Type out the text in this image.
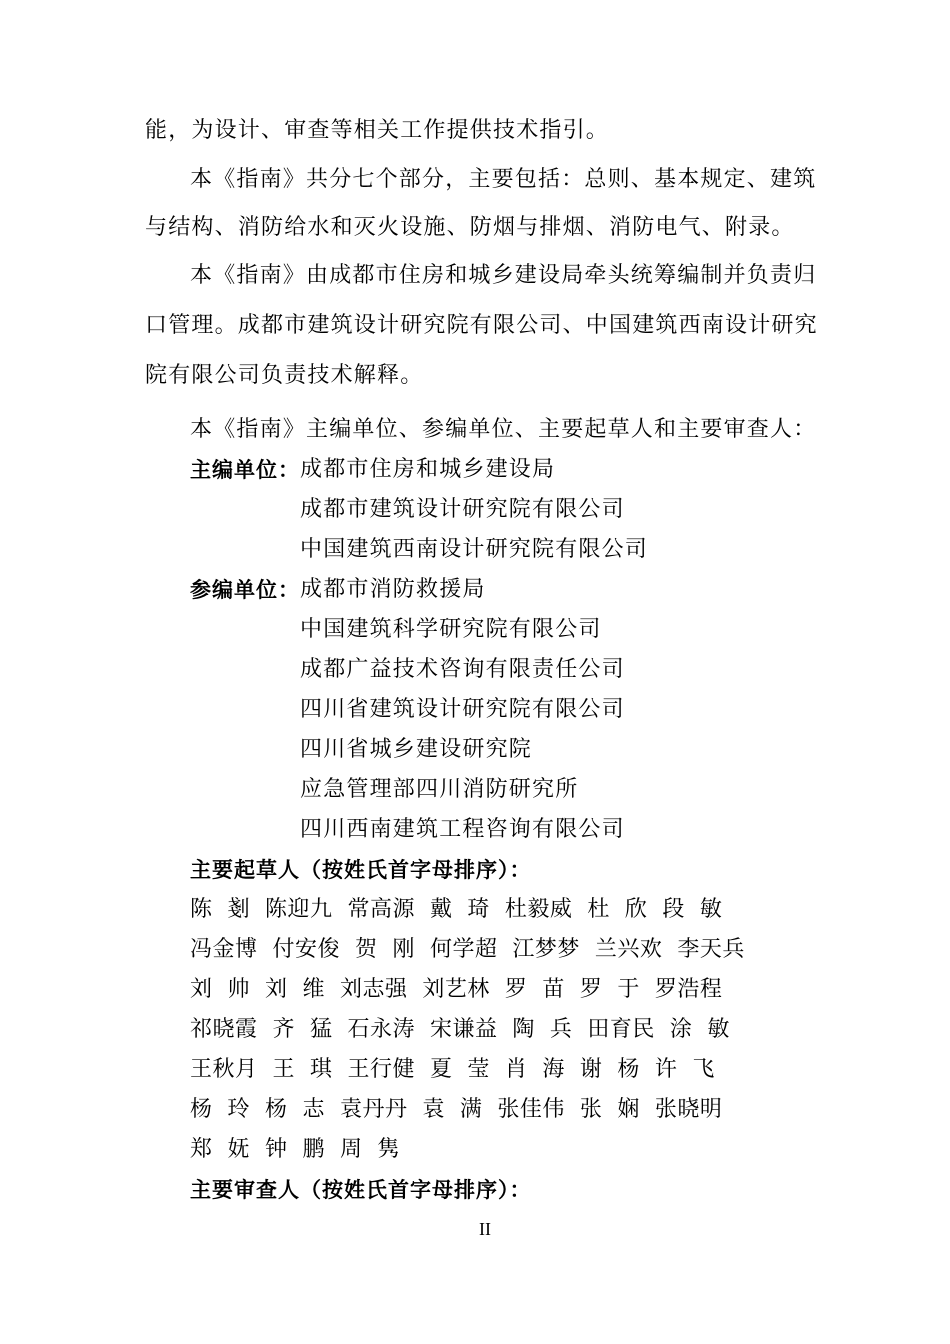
能，为设计、审查等相关工作提供技术指引。
本《指南》共分七个部分，主要包括：总则、基本规定、建筑
与结构、消防给水和灭火设施、防烟与排烟、消防电气、附录。
本《指南》由成都市住房和城乡建设局牵头统筹编制并负责归
口管理。成都市建筑设计研究院有限公司、中国建筑西南设计研究
院有限公司负责技术解释。
本《指南》主编单位、参编单位、主要起草人和主要审查人：
主编单位： 成都市住房和城乡建设局
成都市建筑设计研究院有限公司
中国建筑西南设计研究院有限公司
参编单位： 成都市消防救援局
中国建筑科学研究院有限公司
成都广益技术咨询有限责任公司
四川省建筑设计研究院有限公司
四川省城乡建设研究院
应急管理部四川消防研究所
四川西南建筑工程咨询有限公司
主要起草人（按姓氏首字母排序）：
陈  剗  陈迎九  常高源  戴  琦  杜毅威  杜  欣  段  敏
冯金博  付安俊  贺  刚  何学超  江梦梦  兰兴欢  李天兵
刘  帅  刘  维  刘志强  刘艺林  罗  苗  罗  于  罗浩程
祁晓霞  齐  猛  石永涛  宋谦益  陶  兵  田育民  涂  敏
王秋月  王  琪  王行健  夏  莹  肖  海  谢  杨  许  飞
杨  玲  杨  志  袁丹丹  袁  满  张佳伟  张  娴  张晓明
郑  妩  钟  鹏  周  隽
主要审查人（按姓氏首字母排序）：
II
